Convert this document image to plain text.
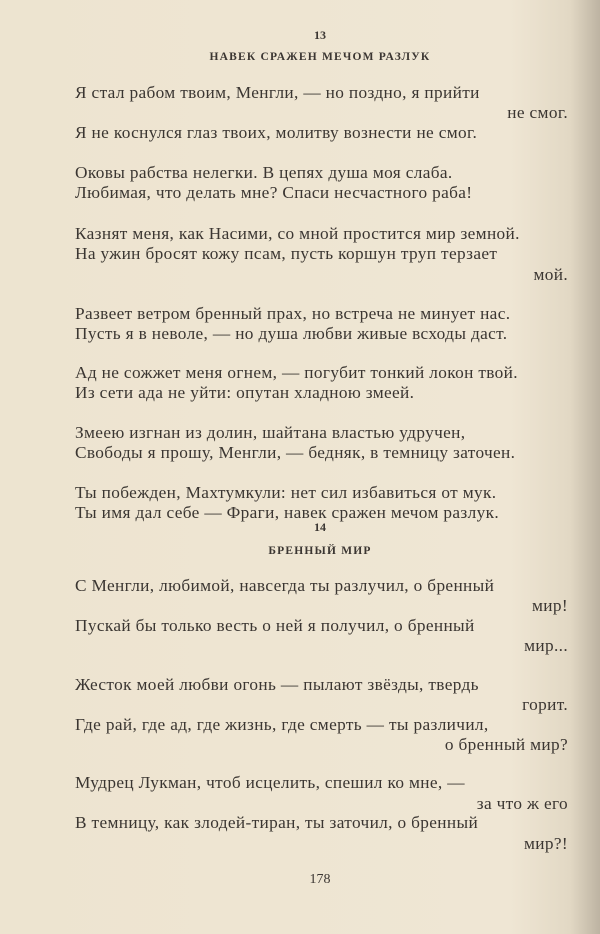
13
НАВЕК СРАЖЕН МЕЧОМ РАЗЛУК
Я стал рабом твоим, Менгли, — но поздно, я прийти
не смог.
Я не коснулся глаз твоих, молитву вознести не смог.
Оковы рабства нелегки. В цепях душа моя слаба.
Любимая, что делать мне? Спаси несчастного раба!
Казнят меня, как Насими, со мной простится мир земной.
На ужин бросят кожу псам, пусть коршун труп терзает
мой.
Развеет ветром бренный прах, но встреча не минует нас.
Пусть я в неволе, — но душа любви живые всходы даст.
Ад не сожжет меня огнем, — погубит тонкий локон твой.
Из сети ада не уйти: опутан хладною змеей.
Змеею изгнан из долин, шайтана властью удручен,
Свободы я прошу, Менгли, — бедняк, в темницу заточен.
Ты побежден, Махтумкули: нет сил избавиться от мук.
Ты имя дал себе — Фраги, навек сражен мечом разлук.
14
БРЕННЫЙ МИР
С Менгли, любимой, навсегда ты разлучил, о бренный
мир!
Пускай бы только весть о ней я получил, о бренный
мир...
Жесток моей любви огонь — пылают звёзды, твердь
горит.
Где рай, где ад, где жизнь, где смерть — ты различил,
о бренный мир?
Мудрец Лукман, чтоб исцелить, спешил ко мне, —
за что ж его
В темницу, как злодей-тиран, ты заточил, о бренный
мир?!
178
